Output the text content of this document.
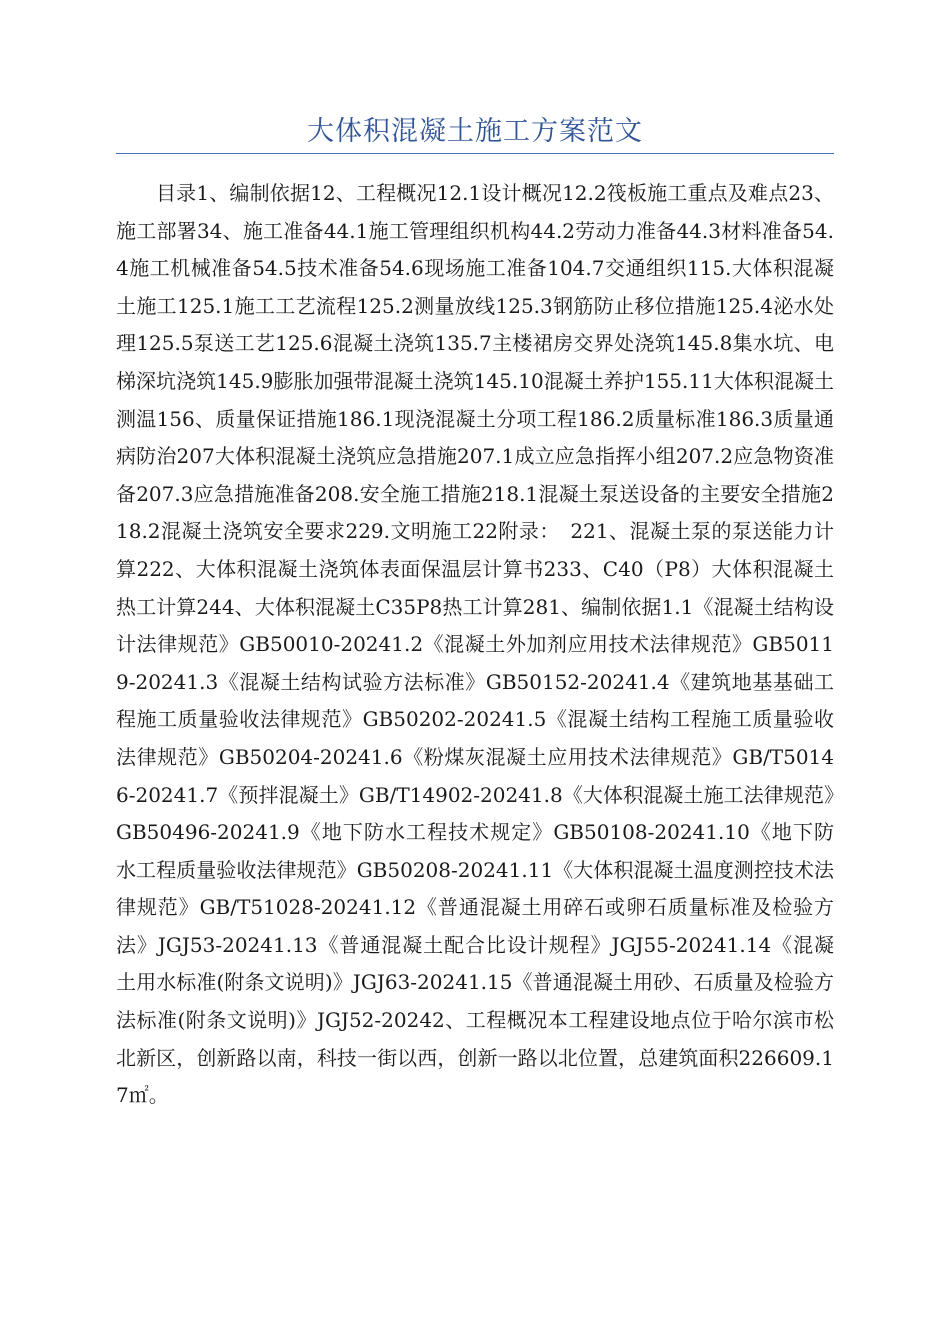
大体积混凝土施工方案范文

目录1、编制依据12、工程概况12.1设计概况12.2筏板施工重点及难点23、施工部署34、施工准备44.1施工管理组织机构44.2劳动力准备44.3材料准备54.4施工机械准备54.5技术准备54.6现场施工准备104.7交通组织115.大体积混凝土施工125.1施工工艺流程125.2测量放线125.3钢筋防止移位措施125.4泌水处理125.5泵送工艺125.6混凝土浇筑135.7主楼裙房交界处浇筑145.8集水坑、电梯深坑浇筑145.9膨胀加强带混凝土浇筑145.10混凝土养护155.11大体积混凝土测温156、质量保证措施186.1现浇混凝土分项工程186.2质量标准186.3质量通病防治207大体积混凝土浇筑应急措施207.1成立应急指挥小组207.2应急物资准备207.3应急措施准备208.安全施工措施218.1混凝土泵送设备的主要安全措施218.2混凝土浇筑安全要求229.文明施工22附录：　221、混凝土泵的泵送能力计算222、大体积混凝土浇筑体表面保温层计算书233、C40（P8）大体积混凝土热工计算244、大体积混凝土C35P8热工计算281、编制依据1.1《混凝土结构设计法律规范》GB50010-20241.2《混凝土外加剂应用技术法律规范》GB50119-20241.3《混凝土结构试验方法标准》GB50152-20241.4《建筑地基基础工程施工质量验收法律规范》GB50202-20241.5《混凝土结构工程施工质量验收法律规范》GB50204-20241.6《粉煤灰混凝土应用技术法律规范》GB/T50146-20241.7《预拌混凝土》GB/T14902-20241.8《大体积混凝土施工法律规范》GB50496-20241.9《地下防水工程技术规定》GB50108-20241.10《地下防水工程质量验收法律规范》GB50208-20241.11《大体积混凝土温度测控技术法律规范》GB/T51028-20241.12《普通混凝土用碎石或卵石质量标准及检验方法》JGJ53-20241.13《普通混凝土配合比设计规程》JGJ55-20241.14《混凝土用水标准(附条文说明)》JGJ63-20241.15《普通混凝土用砂、石质量及检验方法标准(附条文说明)》JGJ52-20242、工程概况本工程建设地点位于哈尔滨市松北新区，创新路以南，科技一街以西，创新一路以北位置，总建筑面积226609.17㎡。
